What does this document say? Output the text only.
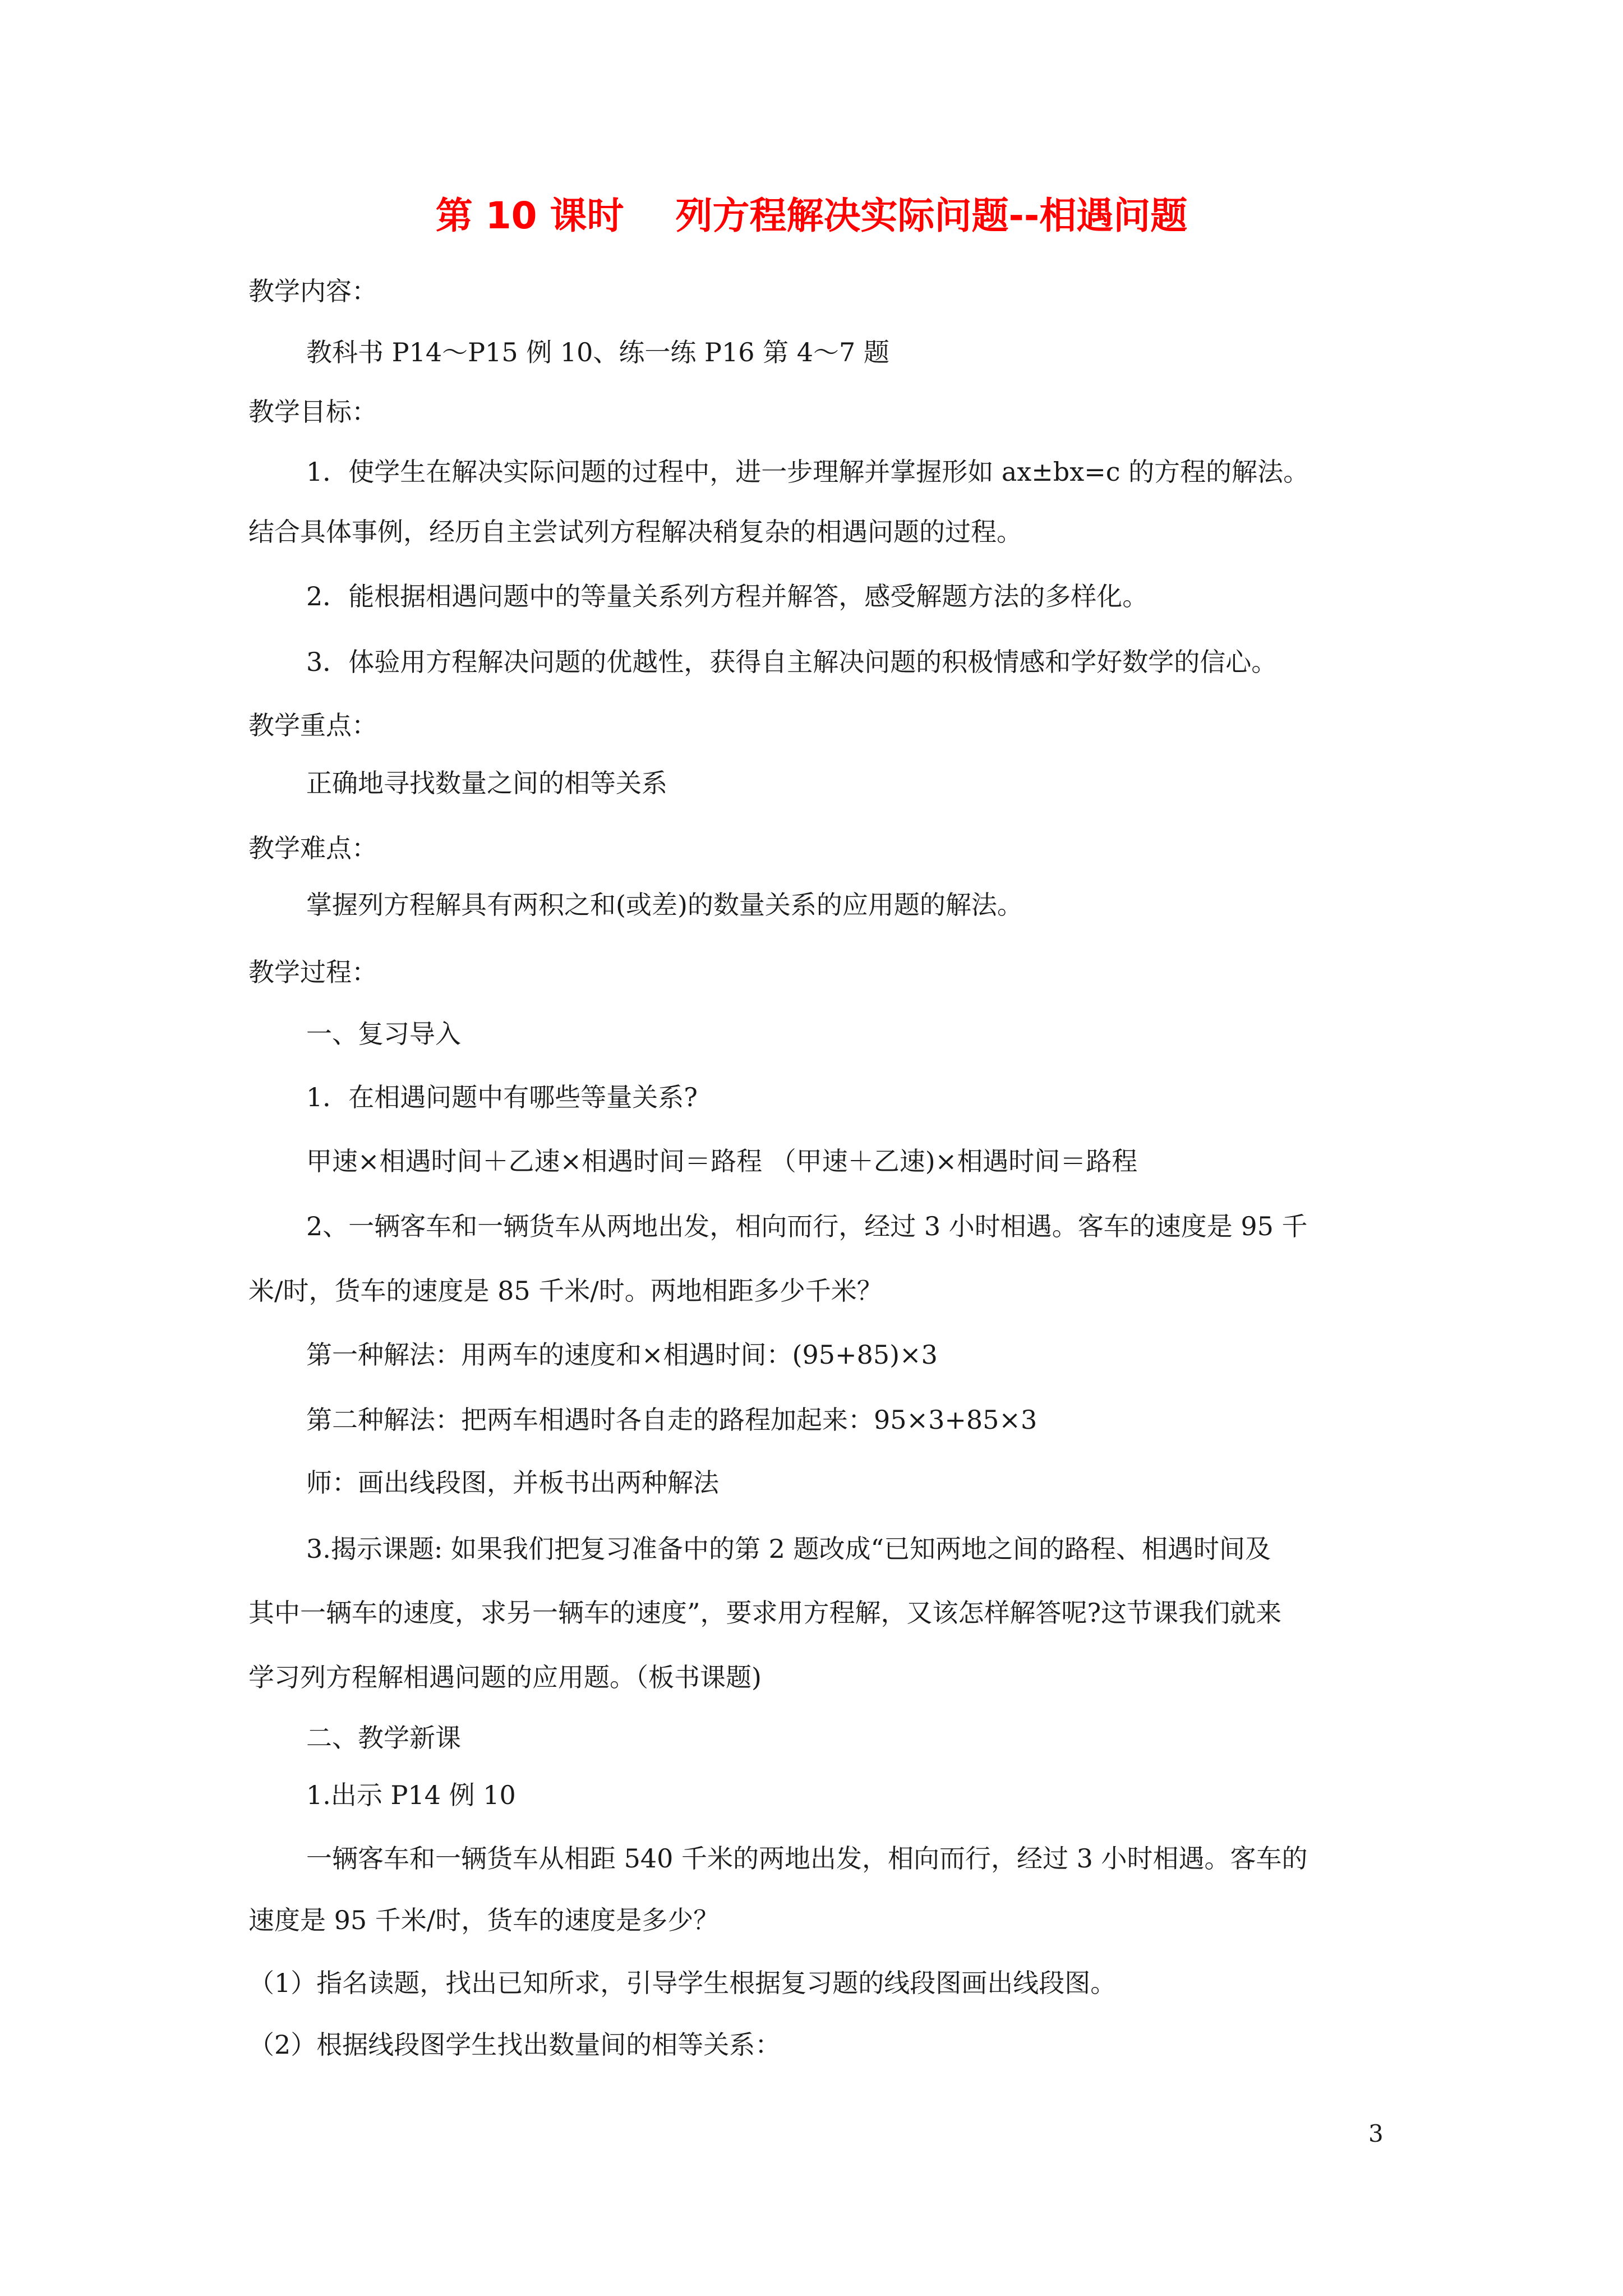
第 10 课时    列方程解决实际问题--相遇问题
教学内容：
教科书 P14～P15 例 10、练一练 P16 第 4～7 题
教学目标：
1．使学生在解决实际问题的过程中，进一步理解并掌握形如 ax±bx=c 的方程的解法。
结合具体事例，经历自主尝试列方程解决稍复杂的相遇问题的过程。
2．能根据相遇问题中的等量关系列方程并解答，感受解题方法的多样化。
3．体验用方程解决问题的优越性，获得自主解决问题的积极情感和学好数学的信心。
教学重点：
正确地寻找数量之间的相等关系
教学难点：
掌握列方程解具有两积之和(或差)的数量关系的应用题的解法。
教学过程：
一、复习导入
1．在相遇问题中有哪些等量关系?
甲速×相遇时间＋乙速×相遇时间＝路程 （甲速＋乙速)×相遇时间＝路程
2、一辆客车和一辆货车从两地出发，相向而行，经过 3 小时相遇。客车的速度是 95 千
米/时，货车的速度是 85 千米/时。两地相距多少千米？
第一种解法：用两车的速度和×相遇时间：(95+85)×3
第二种解法：把两车相遇时各自走的路程加起来：95×3+85×3
师：画出线段图，并板书出两种解法
3.揭示课题: 如果我们把复习准备中的第 2 题改成“已知两地之间的路程、相遇时间及
其中一辆车的速度，求另一辆车的速度”，要求用方程解，又该怎样解答呢?这节课我们就来
学习列方程解相遇问题的应用题。（板书课题)
二、教学新课
1.出示 P14 例 10
一辆客车和一辆货车从相距 540 千米的两地出发，相向而行，经过 3 小时相遇。客车的
速度是 95 千米/时，货车的速度是多少？
（1）指名读题，找出已知所求，引导学生根据复习题的线段图画出线段图。
（2）根据线段图学生找出数量间的相等关系：
3
